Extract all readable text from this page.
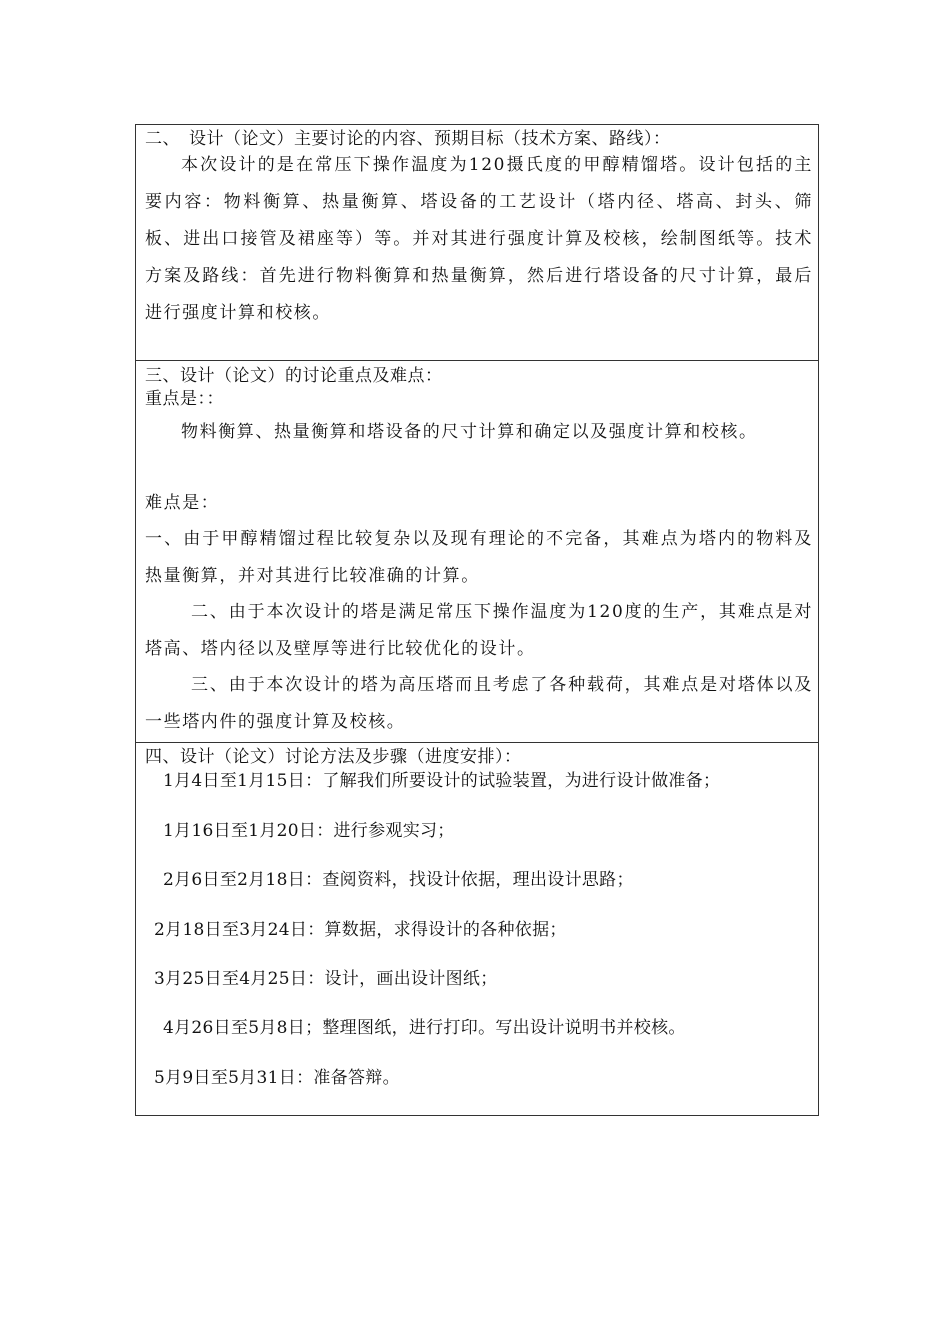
二、　设计（论文）主要讨论的内容、预期目标（技术方案、路线）：
本次设计的是在常压下操作温度为120摄氏度的甲醇精馏塔。设计包括的主要内容：物料衡算、热量衡算、塔设备的工艺设计（塔内径、塔高、封头、筛板、进出口接管及裙座等）等。并对其进行强度计算及校核，绘制图纸等。技术方案及路线：首先进行物料衡算和热量衡算，然后进行塔设备的尺寸计算，最后进行强度计算和校核。
三、设计（论文）的讨论重点及难点：
重点是：：
物料衡算、热量衡算和塔设备的尺寸计算和确定以及强度计算和校核。
难点是：
一、由于甲醇精馏过程比较复杂以及现有理论的不完备，其难点为塔内的物料及热量衡算，并对其进行比较准确的计算。
二、由于本次设计的塔是满足常压下操作温度为120度的生产，其难点是对塔高、塔内径以及壁厚等进行比较优化的设计。
三、由于本次设计的塔为高压塔而且考虑了各种载荷，其难点是对塔体以及一些塔内件的强度计算及校核。
四、设计（论文）讨论方法及步骤（进度安排）：
1月4日至1月15日：了解我们所要设计的试验装置，为进行设计做准备；
1月16日至1月20日：进行参观实习；
2月6日至2月18日：查阅资料，找设计依据，理出设计思路；
2月18日至3月24日：算数据，求得设计的各种依据；
3月25日至4月25日：设计，画出设计图纸；
4月26日至5月8日；整理图纸，进行打印。写出设计说明书并校核。
5月9日至5月31日：准备答辩。
